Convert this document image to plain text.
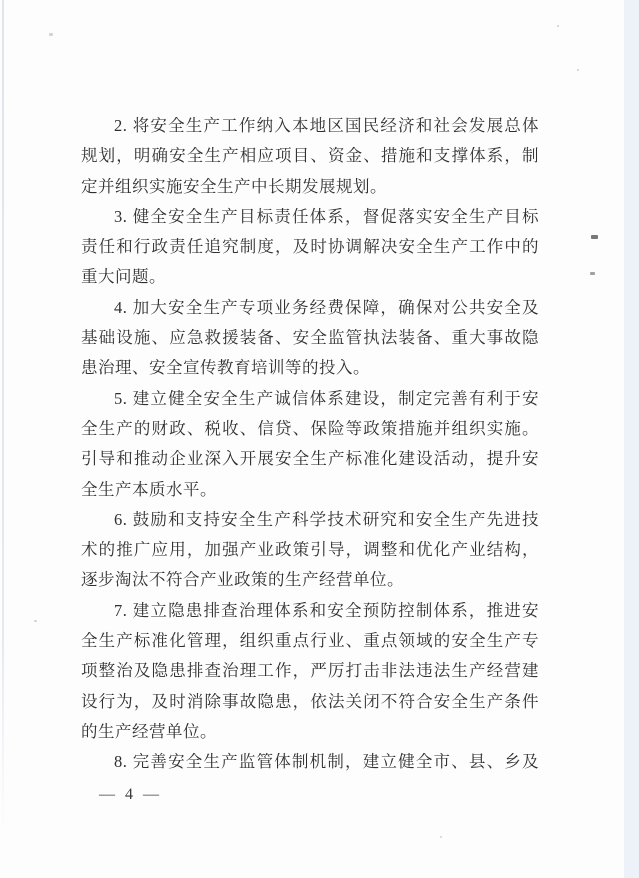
2. 将安全生产工作纳入本地区国民经济和社会发展总体

规划，明确安全生产相应项目、资金、措施和支撑体系，制

定并组织实施安全生产中长期发展规划。

3. 健全安全生产目标责任体系，督促落实安全生产目标

责任和行政责任追究制度，及时协调解决安全生产工作中的

重大问题。

4. 加大安全生产专项业务经费保障，确保对公共安全及

基础设施、应急救援装备、安全监管执法装备、重大事故隐

患治理、安全宣传教育培训等的投入。

5. 建立健全安全生产诚信体系建设，制定完善有利于安

全生产的财政、税收、信贷、保险等政策措施并组织实施。

引导和推动企业深入开展安全生产标准化建设活动，提升安

全生产本质水平。

6. 鼓励和支持安全生产科学技术研究和安全生产先进技

术的推广应用，加强产业政策引导，调整和优化产业结构，

逐步淘汰不符合产业政策的生产经营单位。

7. 建立隐患排查治理体系和安全预防控制体系，推进安

全生产标准化管理，组织重点行业、重点领域的安全生产专

项整治及隐患排查治理工作，严厉打击非法违法生产经营建

设行为，及时消除事故隐患，依法关闭不符合安全生产条件

的生产经营单位。

8. 完善安全生产监管体制机制，建立健全市、县、乡及

— 4 —
